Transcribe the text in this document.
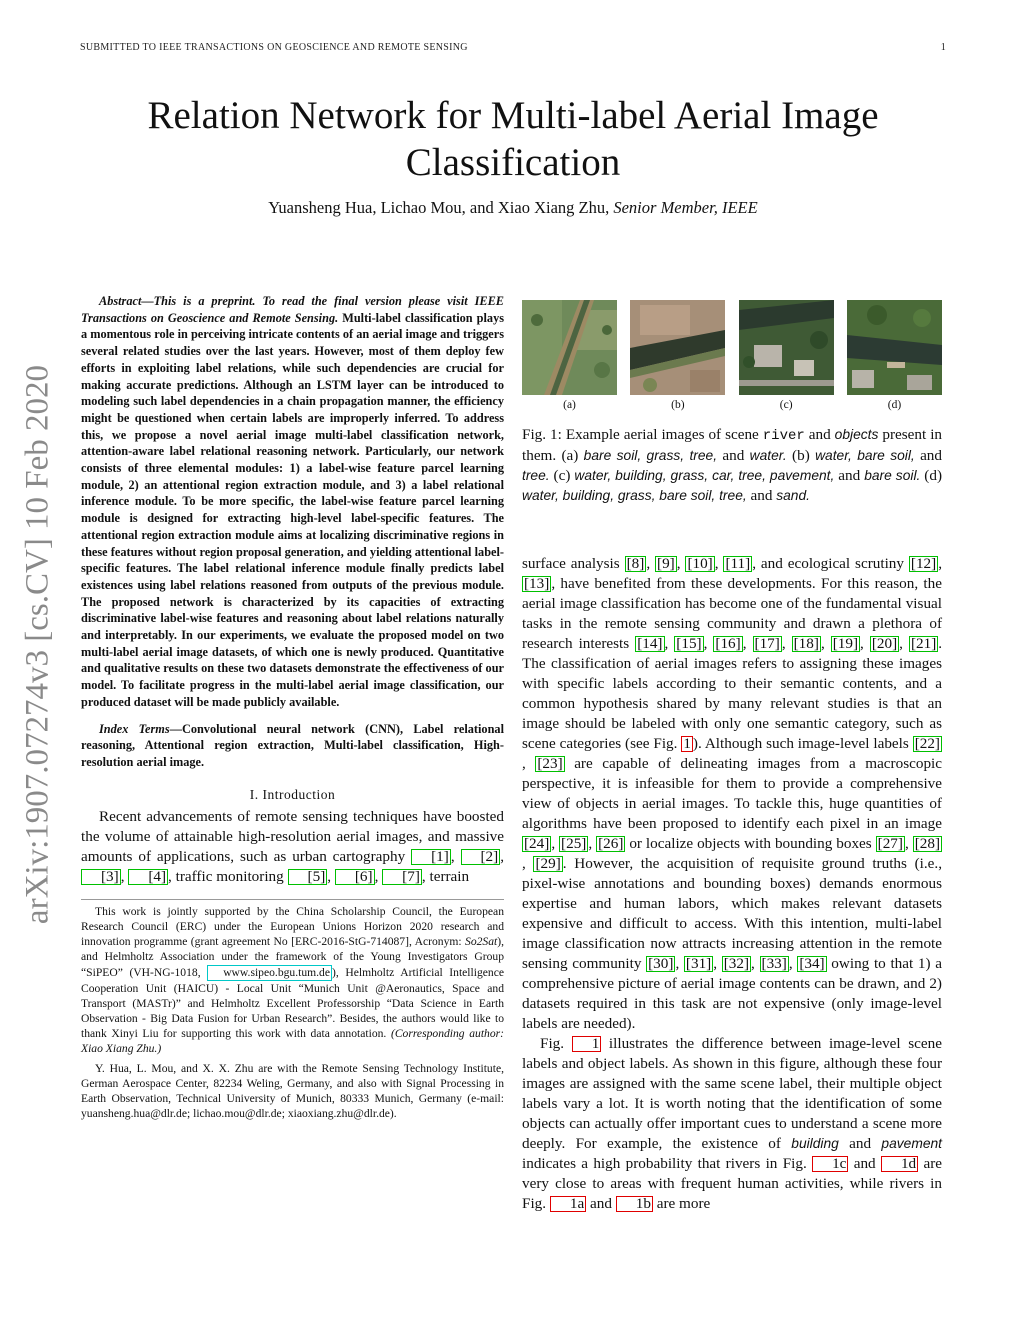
SUBMITTED TO IEEE TRANSACTIONS ON GEOSCIENCE AND REMOTE SENSING	1
arXiv:1907.07274v3 [cs.CV] 10 Feb 2020
Relation Network for Multi-label Aerial Image
Classification
Yuansheng Hua, Lichao Mou, and Xiao Xiang Zhu, Senior Member, IEEE

Abstract—This is a preprint. To read the final version please visit IEEE Transactions on Geoscience and Remote Sensing. Multi-label classification plays a momentous role in perceiving intricate contents of an aerial image and triggers several related studies over the last years. However, most of them deploy few efforts in exploiting label relations, while such dependencies are crucial for making accurate predictions. Although an LSTM layer can be introduced to modeling such label dependencies in a chain propagation manner, the efficiency might be questioned when certain labels are improperly inferred. To address this, we propose a novel aerial image multi-label classification network, attention-aware label relational reasoning network. Particularly, our network consists of three elemental modules: 1) a label-wise feature parcel learning module, 2) an attentional region extraction module, and 3) a label relational inference module. To be more specific, the label-wise feature parcel learning module is designed for extracting high-level label-specific features. The attentional region extraction module aims at localizing discriminative regions in these features without region proposal generation, and yielding attentional label-specific features. The label relational inference module finally predicts label existences using label relations reasoned from outputs of the previous module. The proposed network is characterized by its capacities of extracting discriminative label-wise features and reasoning about label relations naturally and interpretably. In our experiments, we evaluate the proposed model on two multi-label aerial image datasets, of which one is newly produced. Quantitative and qualitative results on these two datasets demonstrate the effectiveness of our model. To facilitate progress in the multi-label aerial image classification, our produced dataset will be made publicly available.

Index Terms—Convolutional neural network (CNN), Label relational reasoning, Attentional region extraction, Multi-label classification, High-resolution aerial image.

I. Introduction

Recent advancements of remote sensing techniques have boosted the volume of attainable high-resolution aerial images, and massive amounts of applications, such as urban cartography [1] , [2] , [3] , [4] , traffic monitoring [5] , [6] , [7] , terrain

This work is jointly supported by the China Scholarship Council, the European Research Council (ERC) under the European Unions Horizon 2020 research and innovation programme (grant agreement No [ERC-2016-StG-714087], Acronym: So2Sat), and Helmholtz Association under the framework of the Young Investigators Group “SiPEO” (VH-NG-1018, www.sipeo.bgu.tum.de ), Helmholtz Artificial Intelligence Cooperation Unit (HAICU) - Local Unit “Munich Unit @Aeronautics, Space and Transport (MASTr)” and Helmholtz Excellent Professorship “Data Science in Earth Observation - Big Data Fusion for Urban Research”. Besides, the authors would like to thank Xinyi Liu for supporting this work with data annotation. (Corresponding author: Xiao Xiang Zhu.)

Y. Hua, L. Mou, and X. X. Zhu are with the Remote Sensing Technology Institute, German Aerospace Center, 82234 Weling, Germany, and also with Signal Processing in Earth Observation, Technical University of Munich, 80333 Munich, Germany (e-mail: yuansheng.hua@dlr.de; lichao.mou@dlr.de; xiaoxiang.zhu@dlr.de).

(a)	(b)	(c)	(d)
Fig. 1: Example aerial images of scene river and objects present in them. (a) bare soil, grass, tree, and water. (b) water, bare soil, and tree. (c) water, building, grass, car, tree, pavement, and bare soil. (d) water, building, grass, bare soil, tree, and sand.

surface analysis [8] , [9] , [10] , [11] , and ecological scrutiny [12] , [13] , have benefited from these developments. For this reason, the aerial image classification has become one of the fundamental visual tasks in the remote sensing community and drawn a plethora of research interests [14] , [15] , [16] , [17] , [18] , [19] , [20] , [21] . The classification of aerial images refers to assigning these images with specific labels according to their semantic contents, and a common hypothesis shared by many relevant studies is that an image should be labeled with only one semantic category, such as scene categories (see Fig. 1 ). Although such image-level labels [22], [23] are capable of delineating images from a macroscopic perspective, it is infeasible for them to provide a comprehensive view of objects in aerial images. To tackle this, huge quantities of algorithms have been proposed to identify each pixel in an image [24] , [25] , [26] or localize objects with bounding boxes [27] , [28], [29] . However, the acquisition of requisite ground truths (i.e., pixel-wise annotations and bounding boxes) demands enormous expertise and human labors, which makes relevant datasets expensive and difficult to access. With this intention, multi-label image classification now attracts increasing attention in the remote sensing community [30] , [31] , [32] , [33] , [34] owing to that 1) a comprehensive picture of aerial image contents can be drawn, and 2) datasets required in this task are not expensive (only image-level labels are needed).

Fig. 1 illustrates the difference between image-level scene labels and object labels. As shown in this figure, although these four images are assigned with the same scene label, their multiple object labels vary a lot. It is worth noting that the identification of some objects can actually offer important cues to understand a scene more deeply. For example, the existence of building and pavement indicates a high probability that rivers in Fig. 1c and 1d are very close to areas with frequent human activities, while rivers in Fig. 1a and 1b are more
